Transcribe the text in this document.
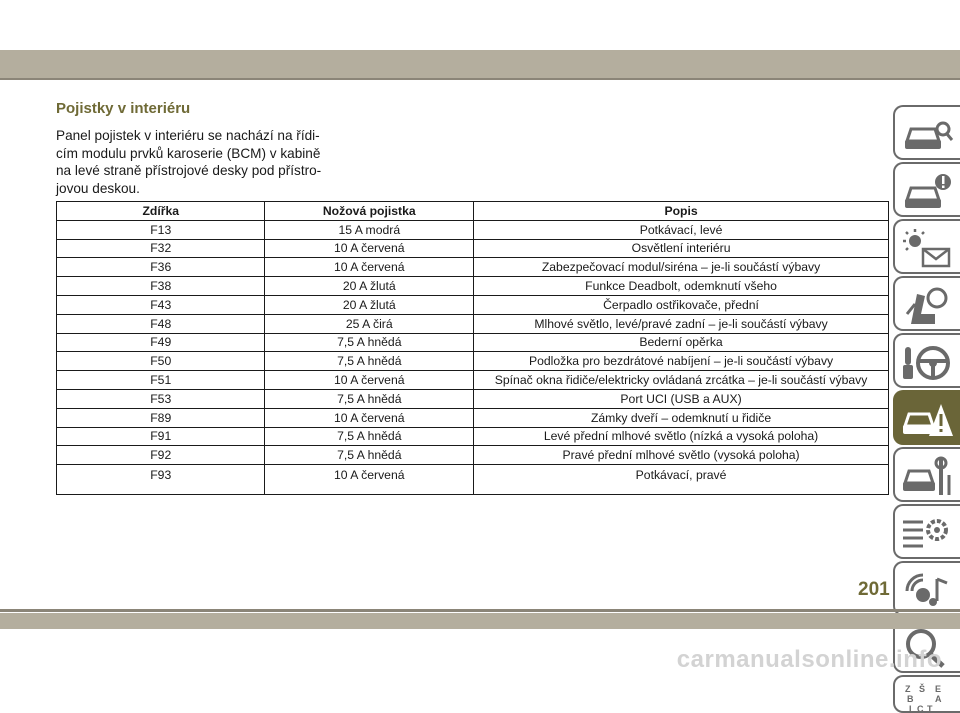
Pojistky v interiéru

Panel pojistek v interiéru se nachází na řídi-
cím modulu prvků karoserie (BCM) v kabině
na levé straně přístrojové desky pod přístro-
jovou deskou.

Zdířka	Nožová pojistka	Popis
F13	15 A modrá	Potkávací, levé
F32	10 A červená	Osvětlení interiéru
F36	10 A červená	Zabezpečovací modul/siréna – je-li součástí výbavy
F38	20 A žlutá	Funkce Deadbolt, odemknutí všeho
F43	20 A žlutá	Čerpadlo ostřikovače, přední
F48	25 A čirá	Mlhové světlo, levé/pravé zadní – je-li součástí výbavy
F49	7,5 A hnědá	Bederní opěrka
F50	7,5 A hnědá	Podložka pro bezdrátové nabíjení – je-li součástí výbavy
F51	10 A červená	Spínač okna řidiče/elektricky ovládaná zrcátka – je-li součástí výbavy
F53	7,5 A hnědá	Port UCI (USB a AUX)
F89	10 A červená	Zámky dveří – odemknutí u řidiče
F91	7,5 A hnědá	Levé přední mlhové světlo (nízká a vysoká poloha)
F92	7,5 A hnědá	Pravé přední mlhové světlo (vysoká poloha)
F93	10 A červená	Potkávací, pravé
Z Š E
B A
I C T
201
carmanualsonline.info
